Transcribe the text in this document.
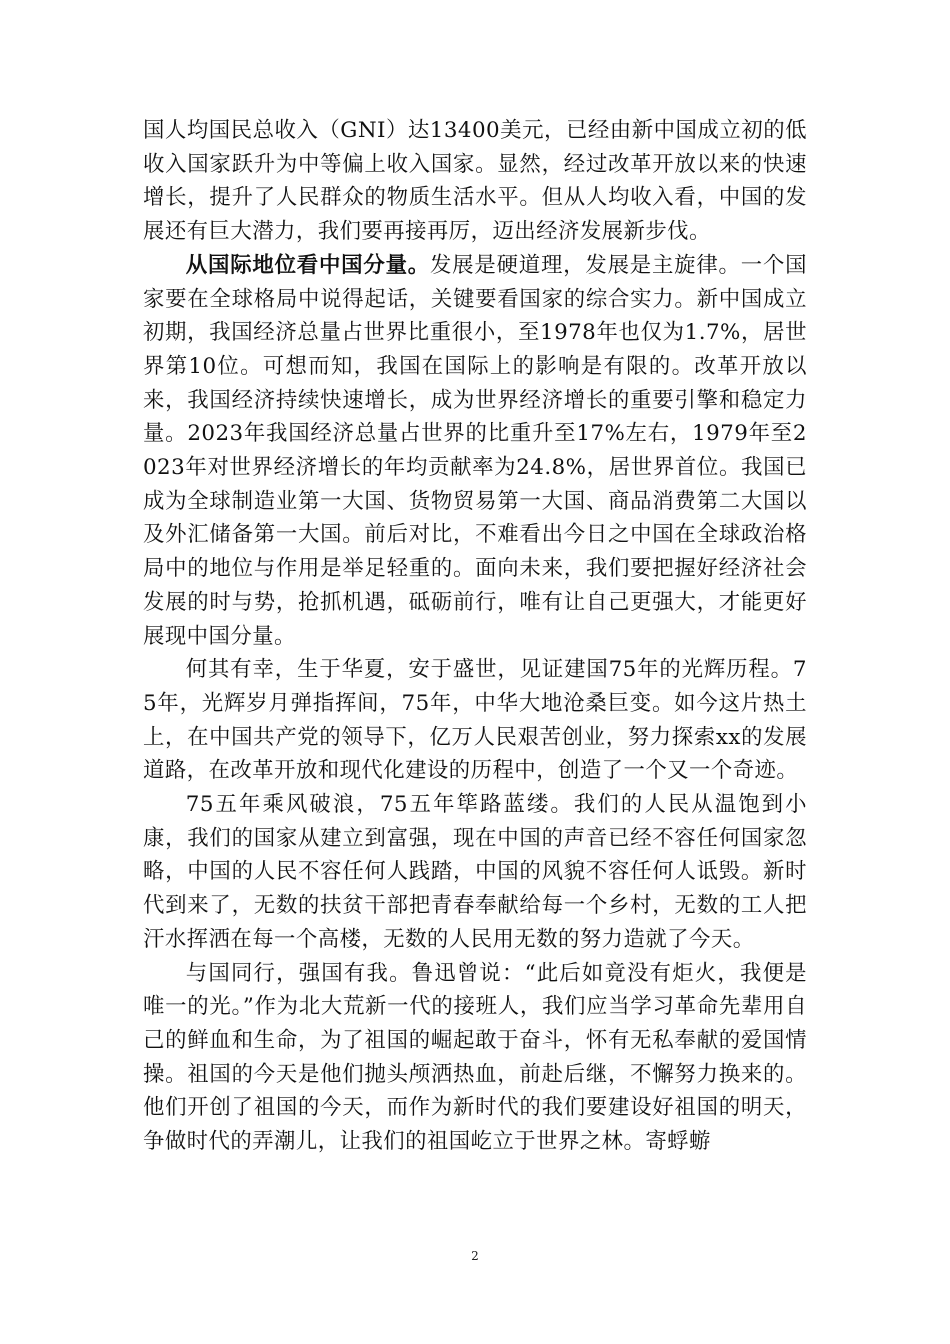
国人均国民总收入（GNI）达13400美元，已经由新中国成立初的低收入国家跃升为中等偏上收入国家。显然，经过改革开放以来的快速增长，提升了人民群众的物质生活水平。但从人均收入看，中国的发展还有巨大潜力，我们要再接再厉，迈出经济发展新步伐。

从国际地位看中国分量。发展是硬道理，发展是主旋律。一个国家要在全球格局中说得起话，关键要看国家的综合实力。新中国成立初期，我国经济总量占世界比重很小，至1978年也仅为1.7%，居世界第10位。可想而知，我国在国际上的影响是有限的。改革开放以来，我国经济持续快速增长，成为世界经济增长的重要引擎和稳定力量。2023年我国经济总量占世界的比重升至17%左右，1979年至2023年对世界经济增长的年均贡献率为24.8%，居世界首位。我国已成为全球制造业第一大国、货物贸易第一大国、商品消费第二大国以及外汇储备第一大国。前后对比，不难看出今日之中国在全球政治格局中的地位与作用是举足轻重的。面向未来，我们要把握好经济社会发展的时与势，抢抓机遇，砥砺前行，唯有让自己更强大，才能更好展现中国分量。

何其有幸，生于华夏，安于盛世，见证建国75年的光辉历程。75年，光辉岁月弹指挥间，75年，中华大地沧桑巨变。如今这片热土上，在中国共产党的领导下，亿万人民艰苦创业，努力探索xx的发展道路，在改革开放和现代化建设的历程中，创造了一个又一个奇迹。

75五年乘风破浪，75五年筚路蓝缕。我们的人民从温饱到小康，我们的国家从建立到富强，现在中国的声音已经不容任何国家忽略，中国的人民不容任何人践踏，中国的风貌不容任何人诋毁。新时代到来了，无数的扶贫干部把青春奉献给每一个乡村，无数的工人把汗水挥洒在每一个高楼，无数的人民用无数的努力造就了今天。

与国同行，强国有我。鲁迅曾说：“此后如竟没有炬火，我便是唯一的光。”作为北大荒新一代的接班人，我们应当学习革命先辈用自己的鲜血和生命，为了祖国的崛起敢于奋斗，怀有无私奉献的爱国情操。祖国的今天是他们抛头颅洒热血，前赴后继，不懈努力换来的。他们开创了祖国的今天，而作为新时代的我们要建设好祖国的明天，争做时代的弄潮儿，让我们的祖国屹立于世界之林。寄蜉蝣

2
